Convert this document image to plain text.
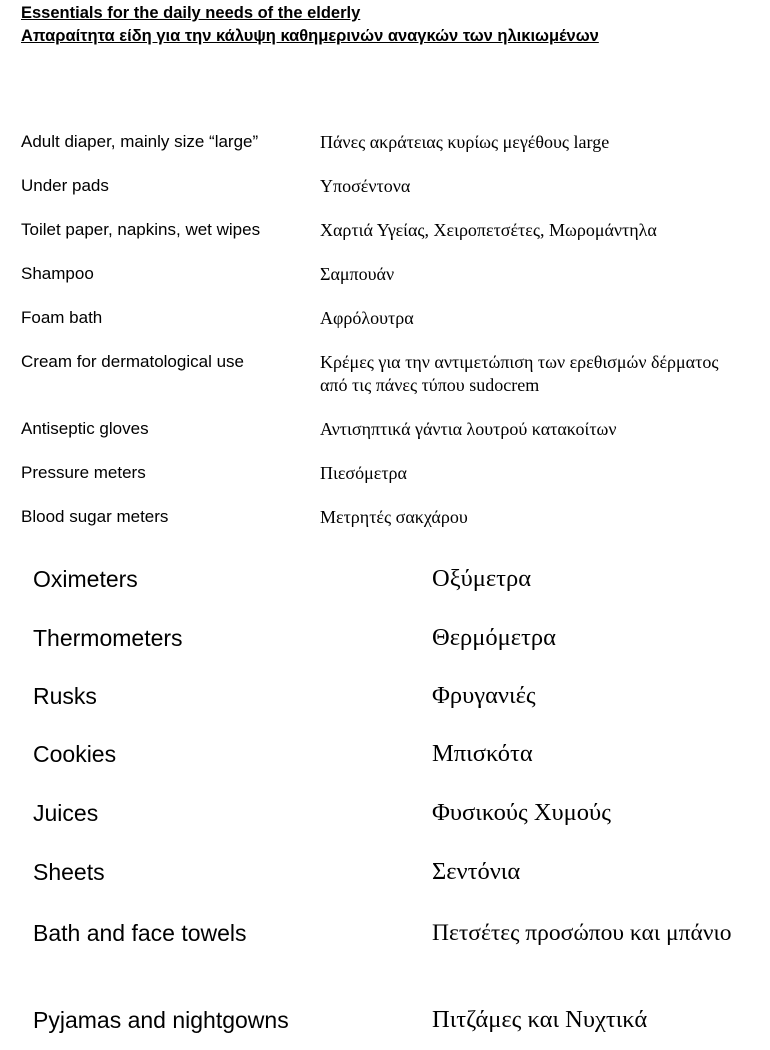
Essentials for the daily needs of the elderly
Απαραίτητα είδη για την κάλυψη καθημερινών αναγκών των ηλικιωμένων
Adult diaper, mainly size “large”	Πάνες ακράτειας κυρίως μεγέθους large
Under pads	Υποσέντονα
Toilet paper, napkins, wet wipes	Χαρτιά Υγείας, Χειροπετσέτες, Μωρομάντηλα
Shampoo	Σαμπουάν
Foam bath	Αφρόλουτρα
Cream for dermatological use	Κρέμες για την αντιμετώπιση των ερεθισμών δέρματος
από τις πάνες τύπου sudocrem
Antiseptic gloves	Αντισηπτικά γάντια λουτρού κατακοίτων
Pressure meters	Πιεσόμετρα
Blood sugar meters	Μετρητές σακχάρου
Oximeters	Οξύμετρα
Thermometers	Θερμόμετρα
Rusks	Φρυγανιές
Cookies	Μπισκότα
Juices	Φυσικούς Χυμούς
Sheets	Σεντόνια
Bath and face towels	Πετσέτες προσώπου και μπάνιο
Pyjamas and nightgowns	Πιτζάμες και Νυχτικά
